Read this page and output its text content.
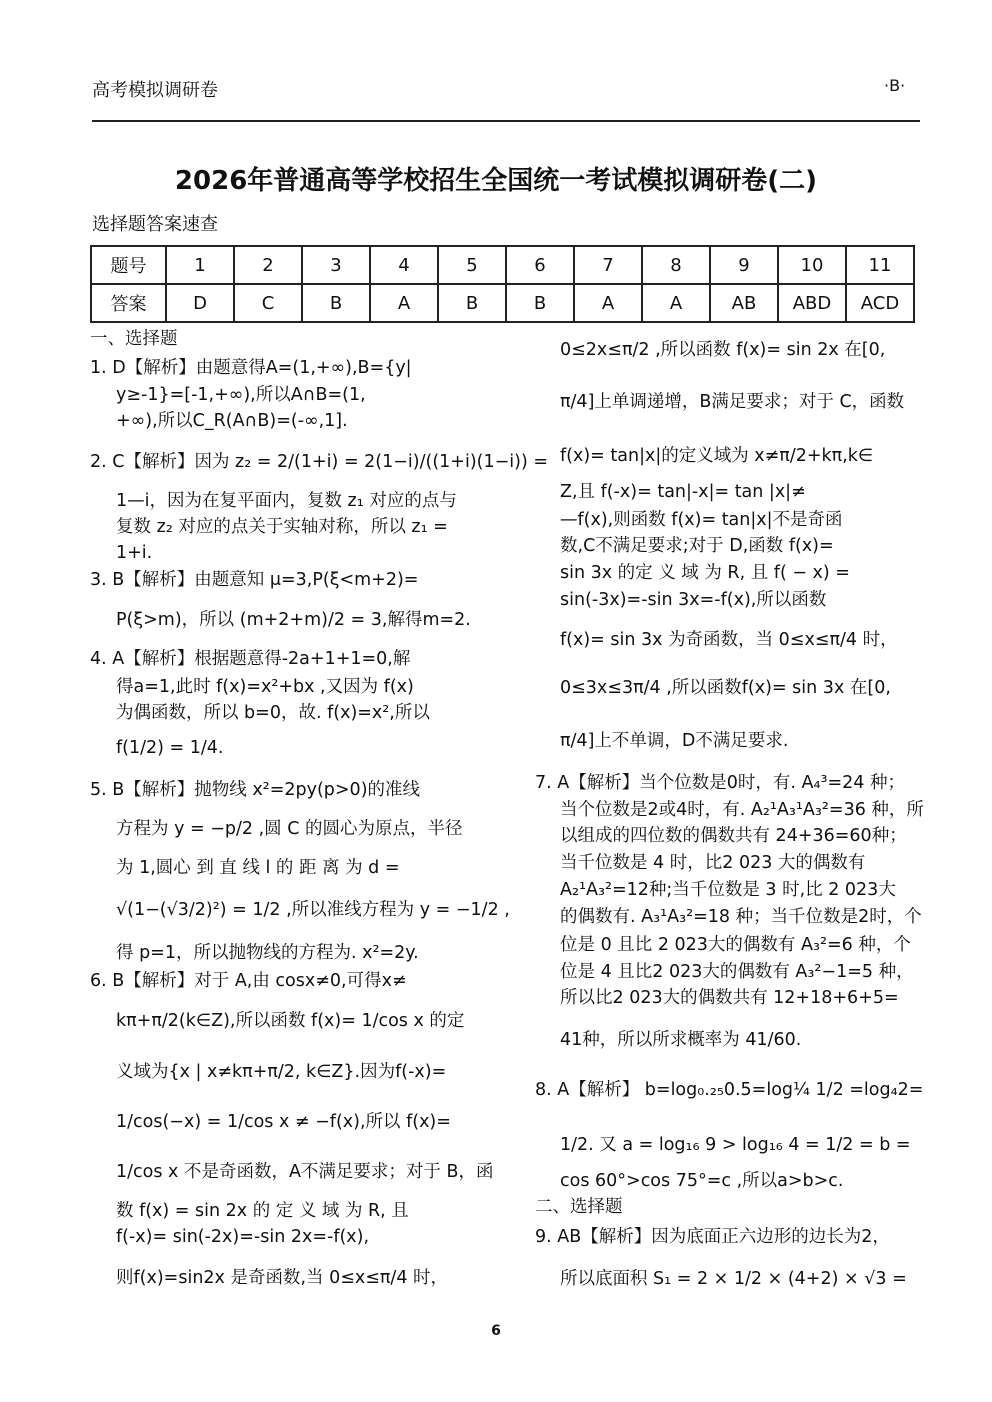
高考模拟调研卷	·B·
2026年普通高等学校招生全国统一考试模拟调研卷(二)
选择题答案速查
题号	1	2	3	4	5	6	7	8	9	10	11
答案	D	C	B	A	B	B	A	A	AB	ABD	ACD
一、选择题
1. D【解析】由题意得A=(1,+∞),B={y|
y≥-1}=[-1,+∞),所以A∩B=(1,
+∞),所以C_R(A∩B)=(-∞,1].
2. C【解析】因为 z₂ = 2/(1+i) = 2(1−i)/((1+i)(1−i)) =
1—i，因为在复平面内，复数 z₁ 对应的点与
复数 z₂ 对应的点关于实轴对称，所以 z₁ =
1+i.
3. B【解析】由题意知 μ=3,P(ξ<m+2)=
P(ξ>m)，所以 (m+2+m)/2 = 3,解得m=2.
4. A【解析】根据题意得-2a+1+1=0,解
得a=1,此时 f(x)=x²+bx ,又因为 f(x)
为偶函数，所以 b=0，故. f(x)=x²,所以
f(1/2) = 1/4.
5. B【解析】抛物线 x²=2py(p>0)的准线
方程为 y = −p/2 ,圆 C 的圆心为原点，半径
为 1,圆心 到 直 线 l 的 距 离 为 d =
√(1−(√3/2)²) = 1/2 ,所以准线方程为 y = −1/2 ,
得 p=1，所以抛物线的方程为. x²=2y.
6. B【解析】对于 A,由 cosx≠0,可得x≠
kπ+π/2(k∈Z),所以函数 f(x)= 1/cos x 的定
义域为{x | x≠kπ+π/2, k∈Z}.因为f(-x)=
1/cos(−x) = 1/cos x ≠ −f(x),所以 f(x)=
1/cos x 不是奇函数，A不满足要求；对于 B，函
数 f(x) = sin 2x 的 定 义 域 为 R, 且
f(-x)= sin(-2x)=-sin 2x=-f(x),
则f(x)=sin2x 是奇函数,当 0≤x≤π/4 时，
0≤2x≤π/2 ,所以函数 f(x)= sin 2x 在[0,
π/4]上单调递增，B满足要求；对于 C，函数
f(x)= tan|x|的定义域为 x≠π/2+kπ,k∈
Z,且 f(-x)= tan|-x|= tan |x|≠
—f(x),则函数 f(x)= tan|x|不是奇函
数,C不满足要求;对于 D,函数 f(x)=
sin 3x 的定 义 域 为 R, 且 f( − x) =
sin(-3x)=-sin 3x=-f(x),所以函数
f(x)= sin 3x 为奇函数，当 0≤x≤π/4 时，
0≤3x≤3π/4 ,所以函数f(x)= sin 3x 在[0,
π/4]上不单调，D不满足要求.
7. A【解析】当个位数是0时，有. A₄³=24 种；
当个位数是2或4时，有. A₂¹A₃¹A₃²=36 种，所
以组成的四位数的偶数共有 24+36=60种；
当千位数是 4 时，比2 023 大的偶数有
A₂¹A₃²=12种;当千位数是 3 时,比 2 023大
的偶数有. A₃¹A₃²=18 种；当千位数是2时，个
位是 0 且比 2 023大的偶数有 A₃²=6 种，个
位是 4 且比2 023大的偶数有 A₃²−1=5 种，
所以比2 023大的偶数共有 12+18+6+5=
41种，所以所求概率为 41/60.
8. A【解析】 b=log₀.₂₅0.5=log¼ 1/2 =log₄2=
1/2. 又 a = log₁₆ 9 > log₁₆ 4 = 1/2 = b =
cos 60°>cos 75°=c ,所以a>b>c.
二、选择题
9. AB【解析】因为底面正六边形的边长为2，
所以底面积 S₁ = 2 × 1/2 × (4+2) × √3 =
6
